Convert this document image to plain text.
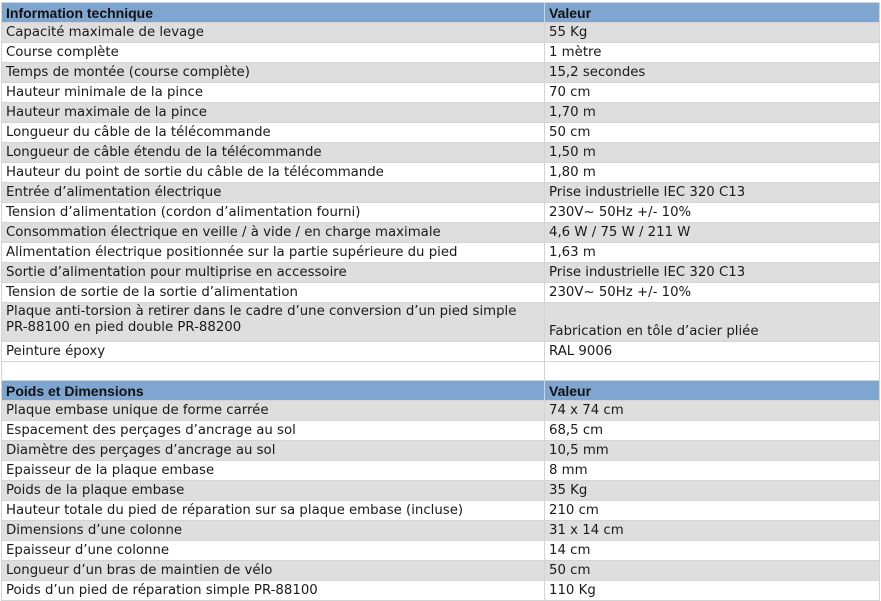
Information technique	Valeur
Capacité maximale de levage	55 Kg
Course complète	1 mètre
Temps de montée (course complète)	15,2 secondes
Hauteur minimale de la pince	70 cm
Hauteur maximale de la pince	1,70 m
Longueur du câble de la télécommande	50 cm
Longueur de câble étendu de la télécommande	1,50 m
Hauteur du point de sortie du câble de la télécommande	1,80 m
Entrée d’alimentation électrique	Prise industrielle IEC 320 C13
Tension d’alimentation (cordon d’alimentation fourni)	230V~ 50Hz +/- 10%
Consommation électrique en veille / à vide / en charge maximale	4,6 W / 75 W / 211 W
Alimentation électrique positionnée sur la partie supérieure du pied	1,63 m
Sortie d’alimentation pour multiprise en accessoire	Prise industrielle IEC 320 C13
Tension de sortie de la sortie d’alimentation	230V~ 50Hz +/- 10%
Plaque anti-torsion à retirer dans le cadre d’une conversion d’un pied simple PR-88100 en pied double PR-88200	Fabrication en tôle d’acier pliée
Peinture époxy	RAL 9006

Poids et Dimensions	Valeur
Plaque embase unique de forme carrée	74 x 74 cm
Espacement des perçages d’ancrage au sol	68,5 cm
Diamètre des perçages d’ancrage au sol	10,5 mm
Epaisseur de la plaque embase	8 mm
Poids de la plaque embase	35 Kg
Hauteur totale du pied de réparation sur sa plaque embase (incluse)	210 cm
Dimensions d’une colonne	31 x 14 cm
Epaisseur d’une colonne	14 cm
Longueur d’un bras de maintien de vélo	50 cm
Poids d’un pied de réparation simple PR-88100	110 Kg
